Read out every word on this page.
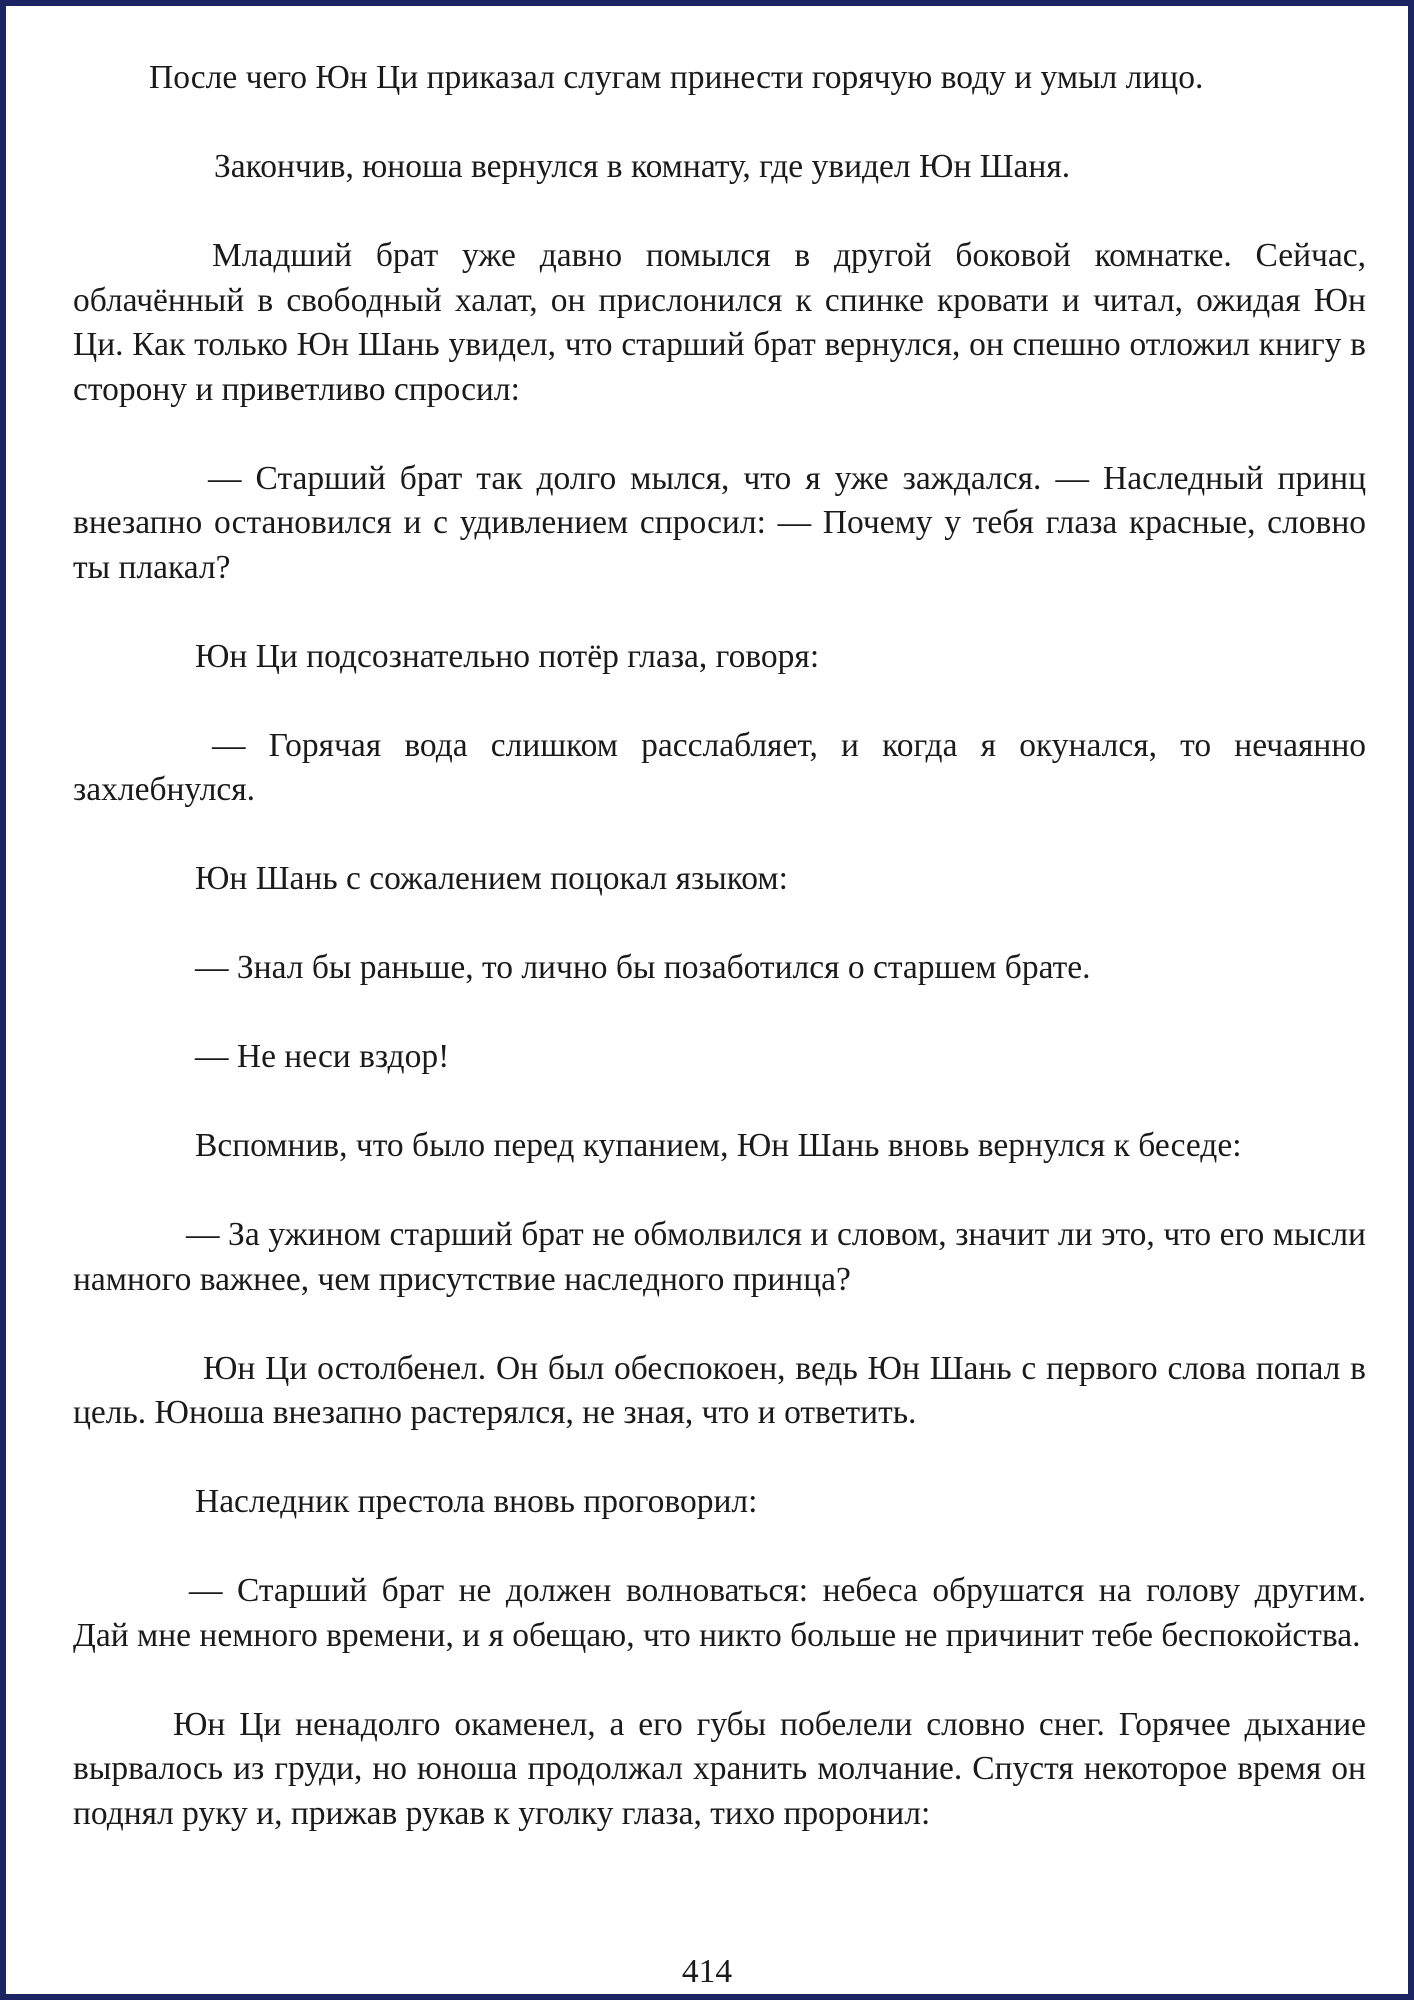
После чего Юн Ци приказал слугам принести горячую воду и умыл лицо.

Закончив, юноша вернулся в комнату, где увидел Юн Шаня.

Младший брат уже давно помылся в другой боковой комнатке. Сейчас, облачённый в свободный халат, он прислонился к спинке кровати и читал, ожидая Юн Ци. Как только Юн Шань увидел, что старший брат вернулся, он спешно отложил книгу в сторону и приветливо спросил:

— Старший брат так долго мылся, что я уже заждался. — Наследный принц внезапно остановился и с удивлением спросил: — Почему у тебя глаза красные, словно ты плакал?

Юн Ци подсознательно потёр глаза, говоря:

— Горячая вода слишком расслабляет, и когда я окунался, то нечаянно захлебнулся.

Юн Шань с сожалением поцокал языком:

— Знал бы раньше, то лично бы позаботился о старшем брате.

— Не неси вздор!

Вспомнив, что было перед купанием, Юн Шань вновь вернулся к беседе:

— За ужином старший брат не обмолвился и словом, значит ли это, что его мысли намного важнее, чем присутствие наследного принца?

Юн Ци остолбенел. Он был обеспокоен, ведь Юн Шань с первого слова попал в цель. Юноша внезапно растерялся, не зная, что и ответить.

Наследник престола вновь проговорил:

— Старший брат не должен волноваться: небеса обрушатся на голову другим. Дай мне немного времени, и я обещаю, что никто больше не причинит тебе беспокойства.

Юн Ци ненадолго окаменел, а его губы побелели словно снег. Горячее дыхание вырвалось из груди, но юноша продолжал хранить молчание. Спустя некоторое время он поднял руку и, прижав рукав к уголку глаза, тихо проронил:

414
